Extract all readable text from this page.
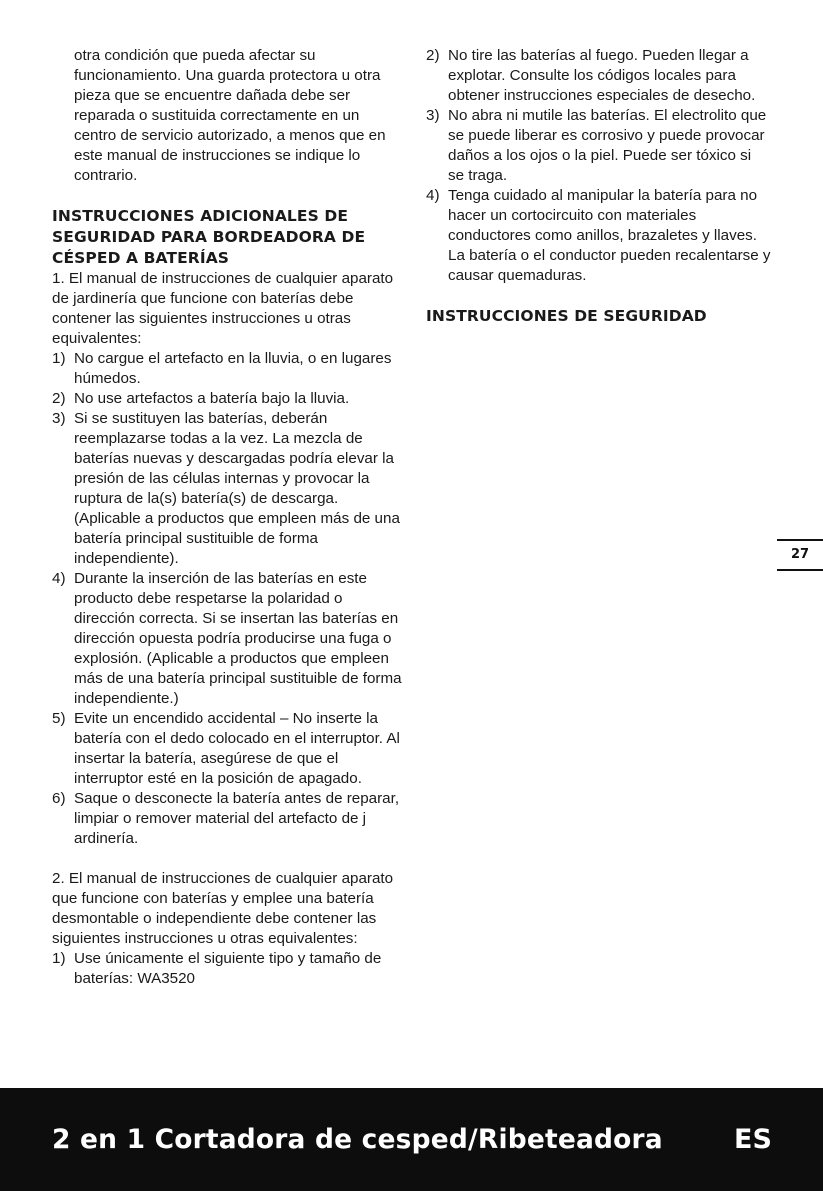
otra condición que pueda afectar su funcionamiento. Una guarda protectora u otra pieza que se encuentre dañada debe ser reparada o sustituida correctamente en un centro de servicio autorizado, a menos que en este manual de instrucciones se indique lo contrario.

INSTRUCCIONES ADICIONALES DE SEGURIDAD PARA BORDEADORA DE CÉSPED A BATERÍAS

1. El manual de instrucciones de cualquier aparato de jardinería que funcione con baterías debe contener las siguientes instrucciones u otras equivalentes:

1) No cargue el artefacto en la lluvia, o en lugares húmedos.
2) No use artefactos a batería bajo la lluvia.
3) Si se sustituyen las baterías, deberán reemplazarse todas a la vez. La mezcla de baterías nuevas y descargadas podría elevar la presión de las células internas y provocar la ruptura de la(s) batería(s) de descarga. (Aplicable a productos que empleen más de una batería principal sustituible de forma independiente).
4) Durante la inserción de las baterías en este producto debe respetarse la polaridad o dirección correcta. Si se insertan las baterías en dirección opuesta podría producirse una fuga o explosión. (Aplicable a productos que empleen más de una batería principal sustituible de forma independiente.)
5) Evite un encendido accidental – No inserte la batería con el dedo colocado en el interruptor. Al insertar la batería, asegúrese de que el interruptor esté en la posición de apagado.
6) Saque o desconecte la batería antes de reparar, limpiar o remover material del artefacto de j ardinería.

2. El manual de instrucciones de cualquier aparato que funcione con baterías y emplee una batería desmontable o independiente debe contener las siguientes instrucciones u otras equivalentes:

1) Use únicamente el siguiente tipo y tamaño de baterías: WA3520
2) No tire las baterías al fuego. Pueden llegar a explotar. Consulte los códigos locales para obtener instrucciones especiales de desecho.
3) No abra ni mutile las baterías. El electrolito que se puede liberar es corrosivo y puede provocar daños a los ojos o la piel. Puede ser tóxico si se traga.
4) Tenga cuidado al manipular la batería para no hacer un cortocircuito con materiales conductores como anillos, brazaletes y llaves. La batería o el conductor pueden recalentarse y causar quemaduras.
INSTRUCCIONES DE SEGURIDAD
27
2 en 1 Cortadora de cesped/Ribeteadora	ES
